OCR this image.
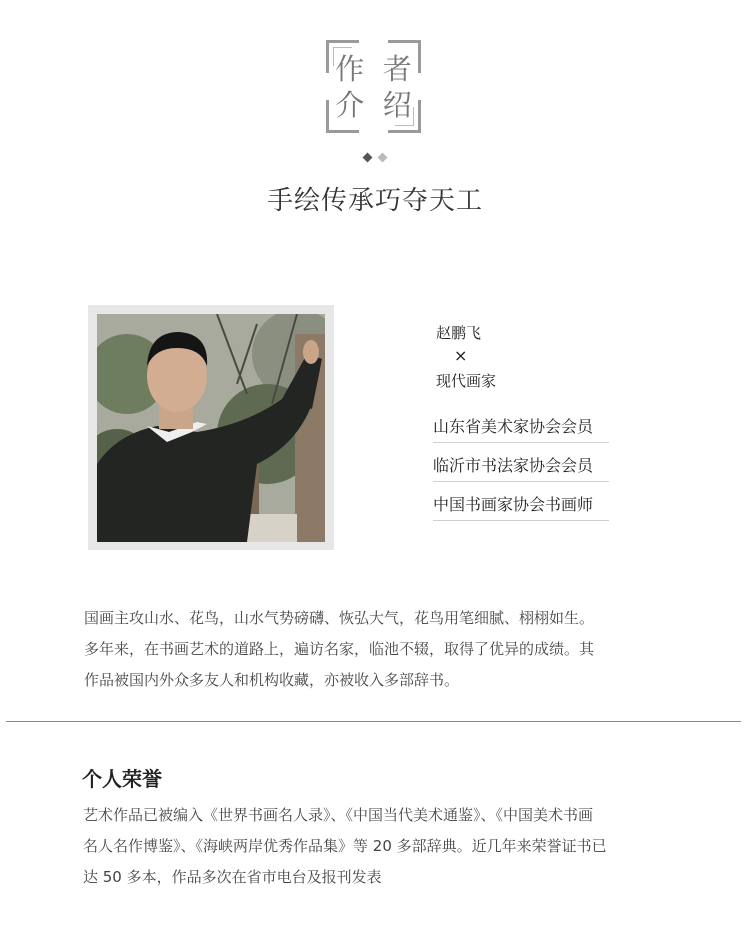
作 者
介 绍
手绘传承巧夺天工
赵鹏飞
×
现代画家
山东省美术家协会会员
临沂市书法家协会会员
中国书画家协会书画师

国画主攻山水、花鸟，山水气势磅礴、恢弘大气，花鸟用笔细腻、栩栩如生。

多年来，在书画艺术的道路上，遍访名家，临池不辍，取得了优异的成绩。其

作品被国内外众多友人和机构收藏，亦被收入多部辞书。

个人荣誉

艺术作品已被编入《世界书画名人录》、《中国当代美术通鉴》、《中国美术书画

名人名作博鉴》、《海峡两岸优秀作品集》等 20 多部辞典。近几年来荣誉证书已

达 50 多本，作品多次在省市电台及报刊发表
